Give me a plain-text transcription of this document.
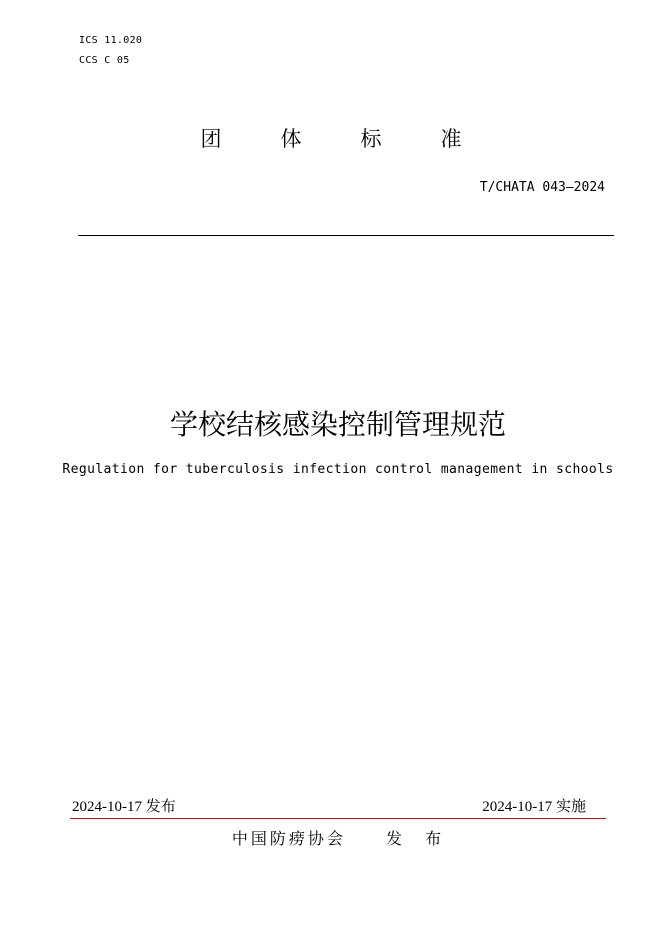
ICS 11.020
CCS C 05
团	体	标	准
T/CHATA 043—2024
学校结核感染控制管理规范
Regulation for tuberculosis infection control management in schools
2024-10-17 发布	2024-10-17 实施
中国防痨协会  发 布
